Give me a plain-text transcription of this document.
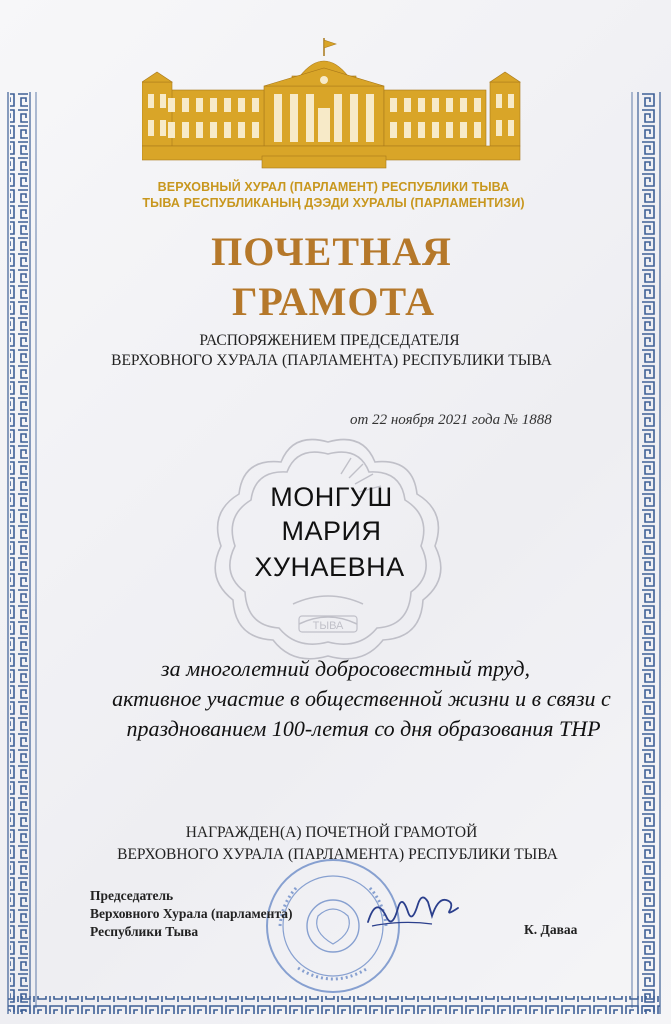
ВЕРХОВНЫЙ ХУРАЛ (ПАРЛАМЕНТ) РЕСПУБЛИКИ ТЫВА
ТЫВА РЕСПУБЛИКАНЫҢ ДЭЭДИ ХУРАЛЫ (ПАРЛАМЕНТИЗИ)
ПОЧЕТНАЯ
ГРАМОТА
РАСПОРЯЖЕНИЕМ ПРЕДСЕДАТЕЛЯ
ВЕРХОВНОГО ХУРАЛА (ПАРЛАМЕНТА) РЕСПУБЛИКИ ТЫВА
от 22 ноября 2021 года № 1888
ТЫВА
МОНГУШ
МАРИЯ
ХУНАЕВНА
за многолетний добросовестный труд,
активное участие в общественной жизни и в связи с
празднованием 100-летия со дня образования ТНР
НАГРАЖДЕН(А) ПОЧЕТНОЙ ГРАМОТОЙ
ВЕРХОВНОГО ХУРАЛА (ПАРЛАМЕНТА) РЕСПУБЛИКИ ТЫВА
Председатель
Верховного Хурала (парламента)
Республики Тыва	К. Даваа
